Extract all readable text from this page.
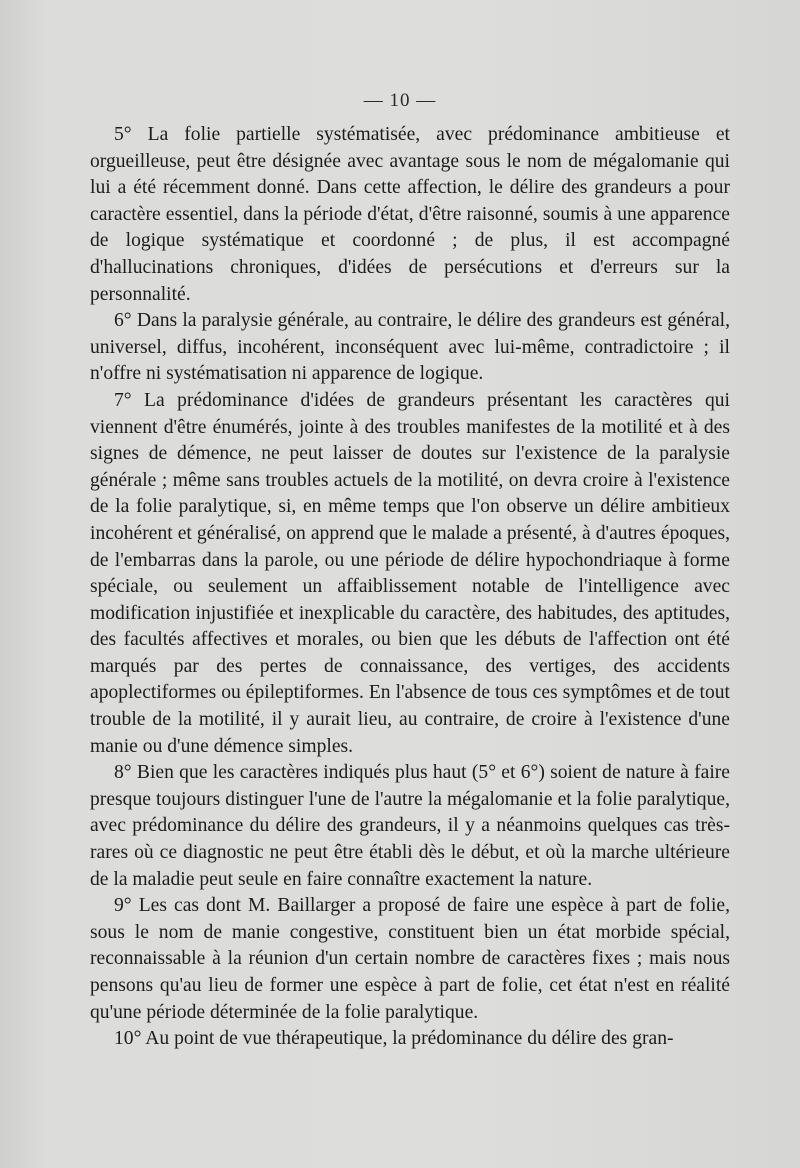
— 10 —

5° La folie partielle systématisée, avec prédominance ambitieuse et orgueilleuse, peut être désignée avec avantage sous le nom de mégalomanie qui lui a été récemment donné. Dans cette affection, le délire des grandeurs a pour caractère essentiel, dans la période d'état, d'être raisonné, soumis à une apparence de logique systématique et coordonné ; de plus, il est accompagné d'hallucinations chroniques, d'idées de persécutions et d'erreurs sur la personnalité.

6° Dans la paralysie générale, au contraire, le délire des grandeurs est général, universel, diffus, incohérent, inconséquent avec lui-même, contradictoire ; il n'offre ni systématisation ni apparence de logique.

7° La prédominance d'idées de grandeurs présentant les caractères qui viennent d'être énumérés, jointe à des troubles manifestes de la motilité et à des signes de démence, ne peut laisser de doutes sur l'existence de la paralysie générale ; même sans troubles actuels de la motilité, on devra croire à l'existence de la folie paralytique, si, en même temps que l'on observe un délire ambitieux incohérent et généralisé, on apprend que le malade a présenté, à d'autres époques, de l'embarras dans la parole, ou une période de délire hypochondriaque à forme spéciale, ou seulement un affaiblissement notable de l'intelligence avec modification injustifiée et inexplicable du caractère, des habitudes, des aptitudes, des facultés affectives et morales, ou bien que les débuts de l'affection ont été marqués par des pertes de connaissance, des vertiges, des accidents apoplectiformes ou épileptiformes. En l'absence de tous ces symptômes et de tout trouble de la motilité, il y aurait lieu, au contraire, de croire à l'existence d'une manie ou d'une démence simples.

8° Bien que les caractères indiqués plus haut (5° et 6°) soient de nature à faire presque toujours distinguer l'une de l'autre la mégalomanie et la folie paralytique, avec prédominance du délire des grandeurs, il y a néanmoins quelques cas très-rares où ce diagnostic ne peut être établi dès le début, et où la marche ultérieure de la maladie peut seule en faire connaître exactement la nature.

9° Les cas dont M. Baillarger a proposé de faire une espèce à part de folie, sous le nom de manie congestive, constituent bien un état morbide spécial, reconnaissable à la réunion d'un certain nombre de caractères fixes ; mais nous pensons qu'au lieu de former une espèce à part de folie, cet état n'est en réalité qu'une période déterminée de la folie paralytique.

10° Au point de vue thérapeutique, la prédominance du délire des gran-
